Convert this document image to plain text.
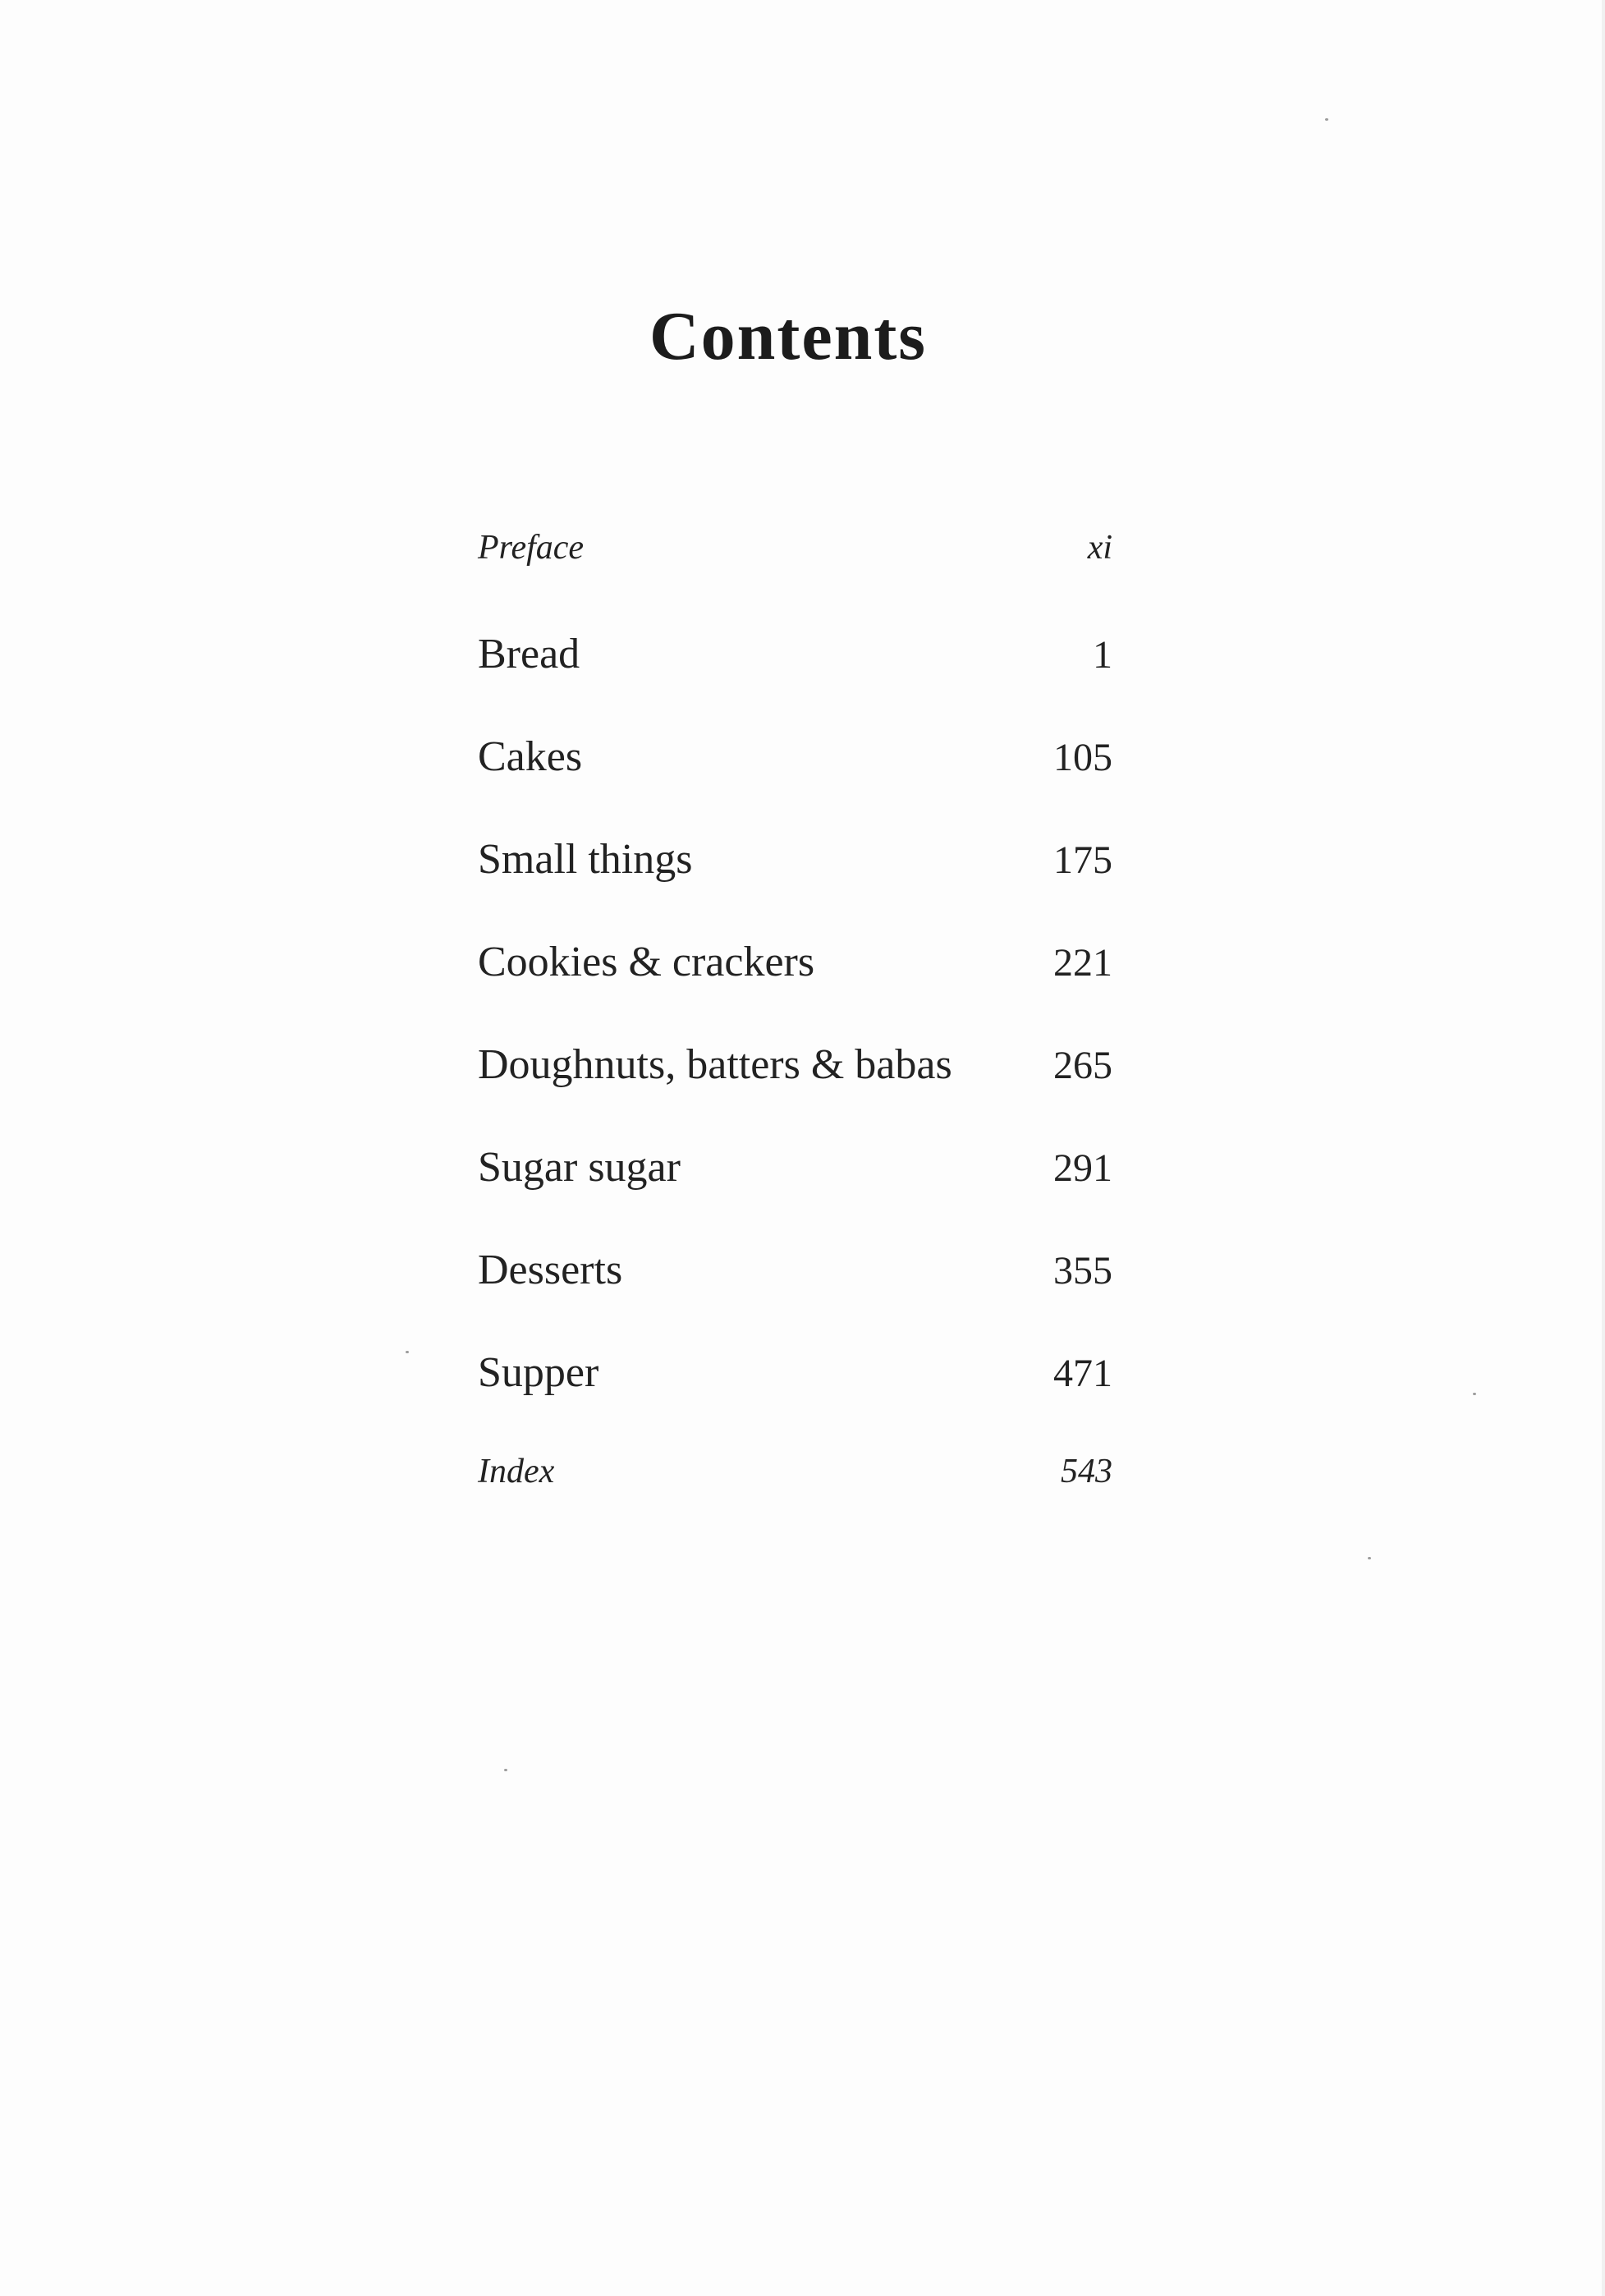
Contents
Preface	xi
Bread	1
Cakes	105
Small things	175
Cookies & crackers	221
Doughnuts, batters & babas	265
Sugar sugar	291
Desserts	355
Supper	471
Index	543
